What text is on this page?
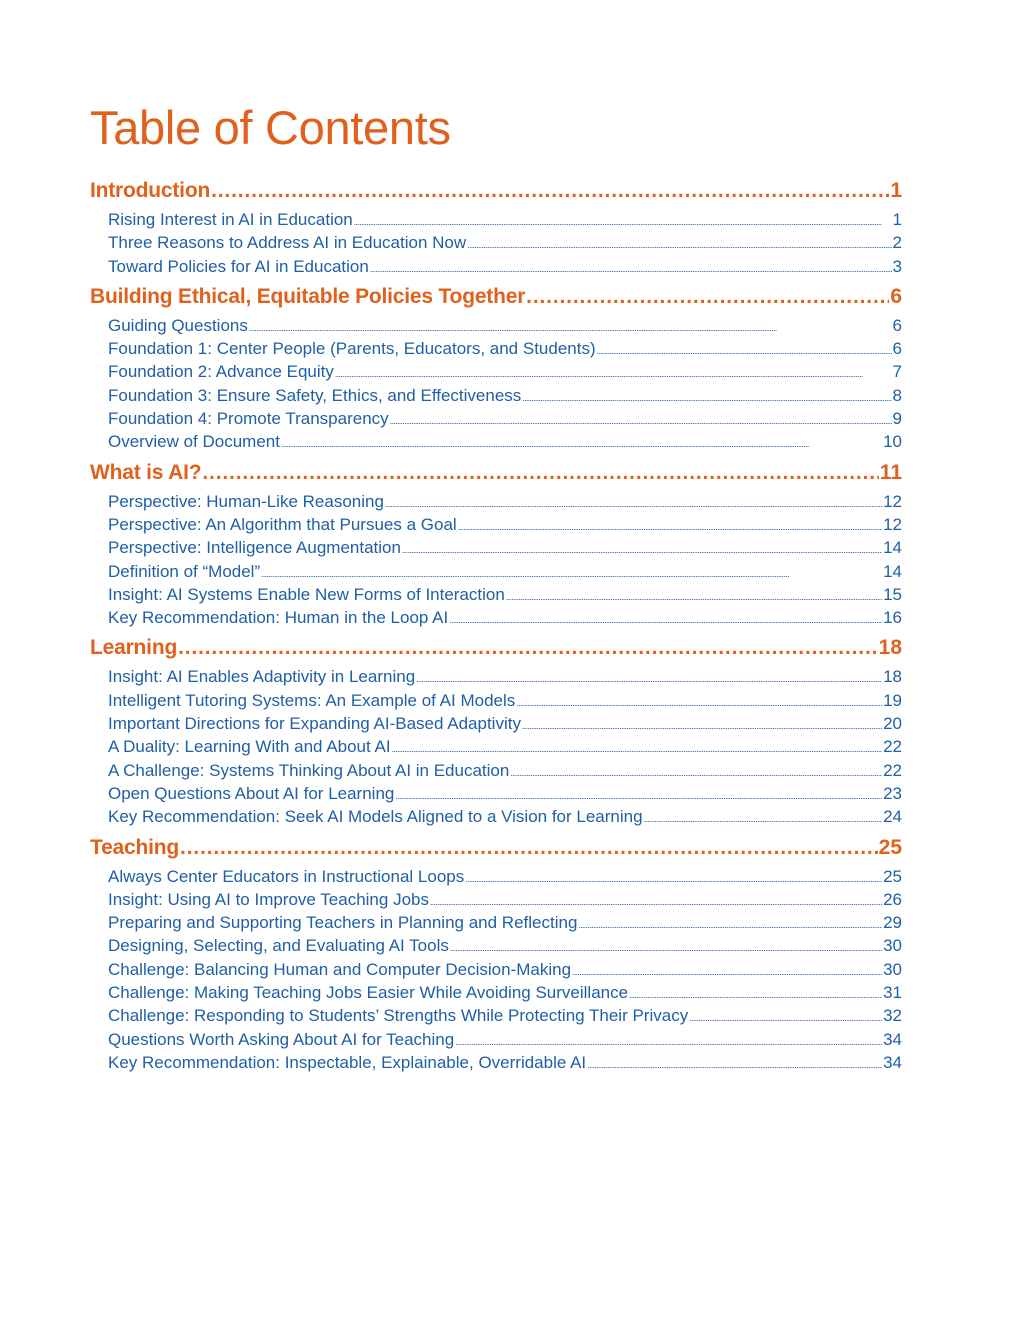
Table of Contents
Introduction . . .	1
Rising Interest in AI in Education . . .	1
Three Reasons to Address AI in Education Now . . .	2
Toward Policies for AI in Education . . .	3
Building Ethical, Equitable Policies Together . . .	6
Guiding Questions . . .	6
Foundation 1: Center People (Parents, Educators, and Students) . . .	6
Foundation 2: Advance Equity . . .	7
Foundation 3: Ensure Safety, Ethics, and Effectiveness . . .	8
Foundation 4: Promote Transparency . . .	9
Overview of Document . . .	10
What is AI? . . .	11
Perspective: Human-Like Reasoning . . .	12
Perspective: An Algorithm that Pursues a Goal . . .	12
Perspective: Intelligence Augmentation . . .	14
Definition of “Model” . . .	14
Insight: AI Systems Enable New Forms of Interaction . . .	15
Key Recommendation: Human in the Loop AI . . .	16
Learning . . .	18
Insight: AI Enables Adaptivity in Learning . . .	18
Intelligent Tutoring Systems: An Example of AI Models . . .	19
Important Directions for Expanding AI-Based Adaptivity . . .	20
A Duality: Learning With and About AI . . .	22
A Challenge: Systems Thinking About AI in Education . . .	22
Open Questions About AI for Learning . . .	23
Key Recommendation: Seek AI Models Aligned to a Vision for Learning . . .	24
Teaching . . .	25
Always Center Educators in Instructional Loops . . .	25
Insight: Using AI to Improve Teaching Jobs . . .	26
Preparing and Supporting Teachers in Planning and Reflecting . . .	29
Designing, Selecting, and Evaluating AI Tools . . .	30
Challenge: Balancing Human and Computer Decision-Making . . .	30
Challenge: Making Teaching Jobs Easier While Avoiding Surveillance . . .	31
Challenge: Responding to Students’ Strengths While Protecting Their Privacy . . .	32
Questions Worth Asking About AI for Teaching . . .	34
Key Recommendation: Inspectable, Explainable, Overridable AI . . .	34
